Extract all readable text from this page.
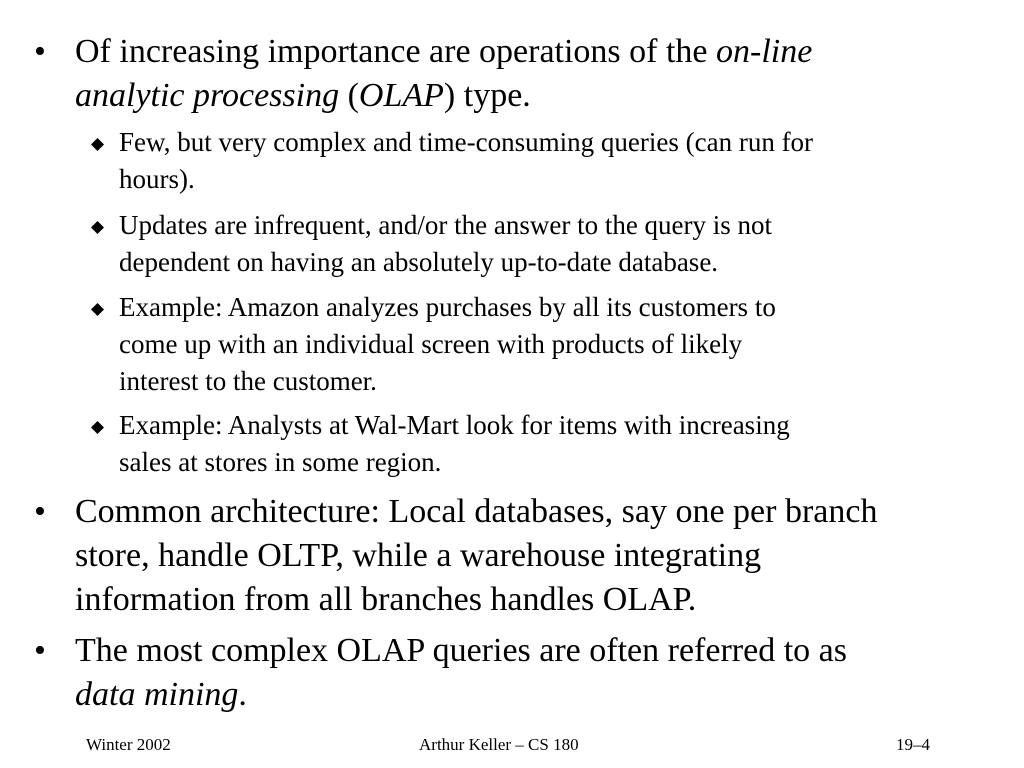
• Of increasing importance are operations of the on-line
analytic processing (OLAP) type.
Few, but very complex and time-consuming queries (can run for
hours).
Updates are infrequent, and/or the answer to the query is not
dependent on having an absolutely up-to-date database.
Example: Amazon analyzes purchases by all its customers to
come up with an individual screen with products of likely
interest to the customer.
Example: Analysts at Wal-Mart look for items with increasing
sales at stores in some region.
• Common architecture: Local databases, say one per branch
store, handle OLTP, while a warehouse integrating
information from all branches handles OLAP.
• The most complex OLAP queries are often referred to as
data mining.
Winter 2002	Arthur Keller – CS 180	19–4
